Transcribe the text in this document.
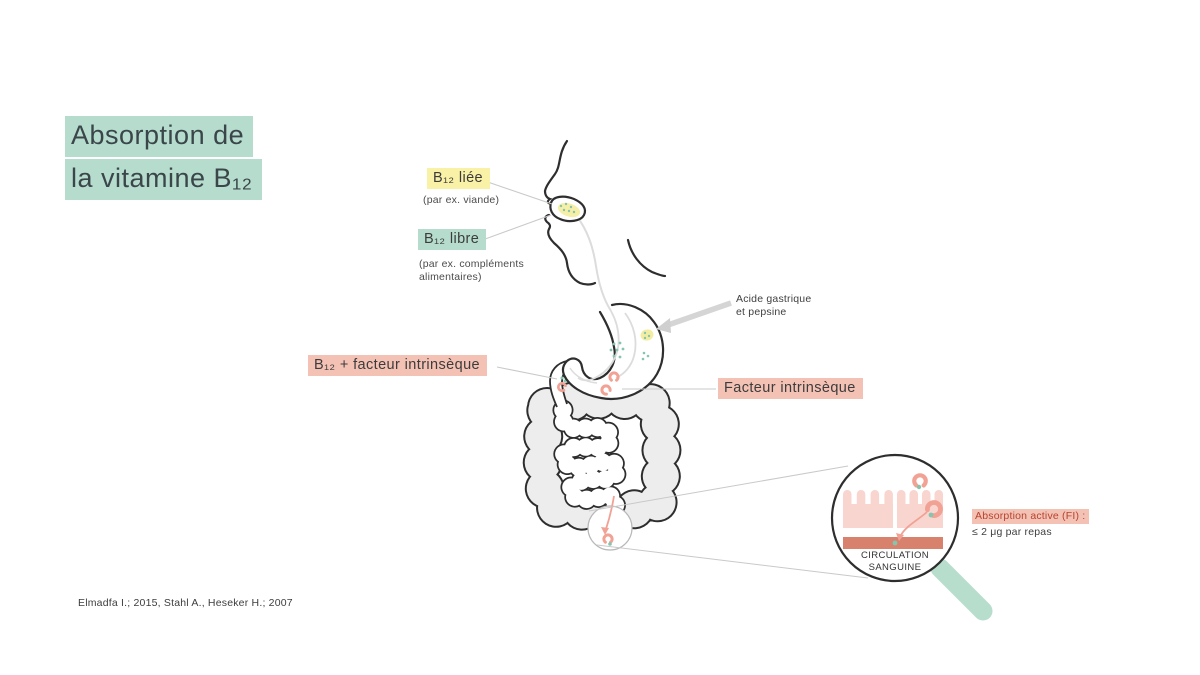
Absorption de
la vitamine B₁₂	B₁₂ liée
(par ex. viande)
B₁₂ libre
(par ex. compléments alimentaires)
Acide gastrique
et pepsine
B₁₂ + facteur intrinsèque
Facteur intrinsèque
Absorption active (FI) :
≤ 2 μg par repas
CIRCULATION
SANGUINE
Elmadfa I.; 2015, Stahl A., Heseker H.; 2007
